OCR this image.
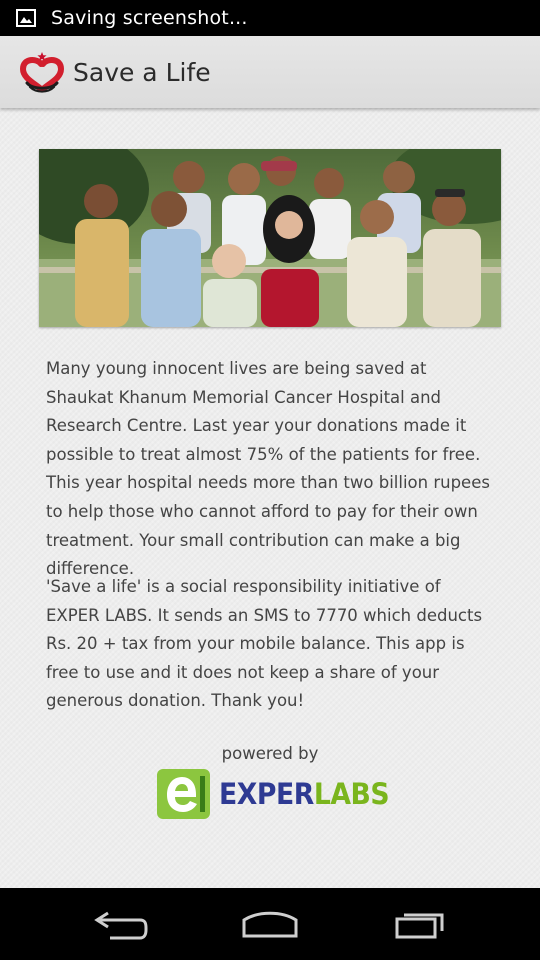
Saving screenshot...
Save a Life
Many young innocent lives are being saved at Shaukat Khanum Memorial Cancer Hospital and Research Centre. Last year your donations made it possible to treat almost 75% of the patients for free. This year hospital needs more than two billion rupees to help those who cannot afford to pay for their own treatment. Your small contribution can make a big difference.
'Save a life' is a social responsibility initiative of EXPER LABS. It sends an SMS to 7770 which deducts Rs. 20 + tax from your mobile balance. This app is free to use and it does not keep a share of your generous donation. Thank you!
powered by
EXPER LABS
